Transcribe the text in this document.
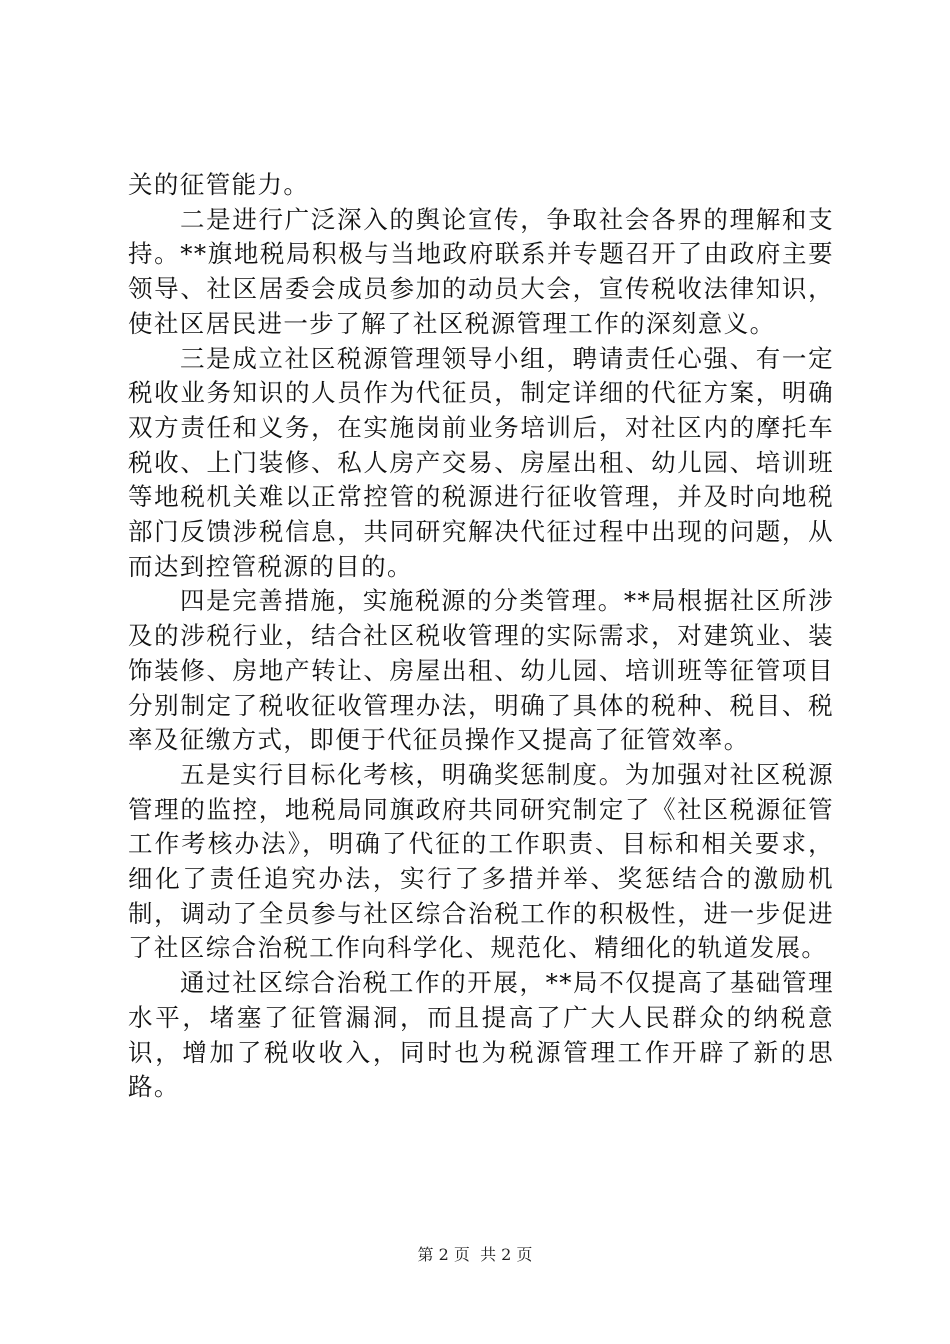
关的征管能力。

二是进行广泛深入的舆论宣传，争取社会各界的理解和支持。**旗地税局积极与当地政府联系并专题召开了由政府主要领导、社区居委会成员参加的动员大会，宣传税收法律知识，使社区居民进一步了解了社区税源管理工作的深刻意义。

三是成立社区税源管理领导小组，聘请责任心强、有一定税收业务知识的人员作为代征员，制定详细的代征方案，明确双方责任和义务，在实施岗前业务培训后，对社区内的摩托车税收、上门装修、私人房产交易、房屋出租、幼儿园、培训班等地税机关难以正常控管的税源进行征收管理，并及时向地税部门反馈涉税信息，共同研究解决代征过程中出现的问题，从而达到控管税源的目的。

四是完善措施，实施税源的分类管理。**局根据社区所涉及的涉税行业，结合社区税收管理的实际需求，对建筑业、装饰装修、房地产转让、房屋出租、幼儿园、培训班等征管项目分别制定了税收征收管理办法，明确了具体的税种、税目、税率及征缴方式，即便于代征员操作又提高了征管效率。

五是实行目标化考核，明确奖惩制度。为加强对社区税源管理的监控，地税局同旗政府共同研究制定了《社区税源征管工作考核办法》，明确了代征的工作职责、目标和相关要求，细化了责任追究办法，实行了多措并举、奖惩结合的激励机制，调动了全员参与社区综合治税工作的积极性，进一步促进了社区综合治税工作向科学化、规范化、精细化的轨道发展。

通过社区综合治税工作的开展，**局不仅提高了基础管理水平，堵塞了征管漏洞，而且提高了广大人民群众的纳税意识，增加了税收收入，同时也为税源管理工作开辟了新的思路。

第 2 页  共 2 页
